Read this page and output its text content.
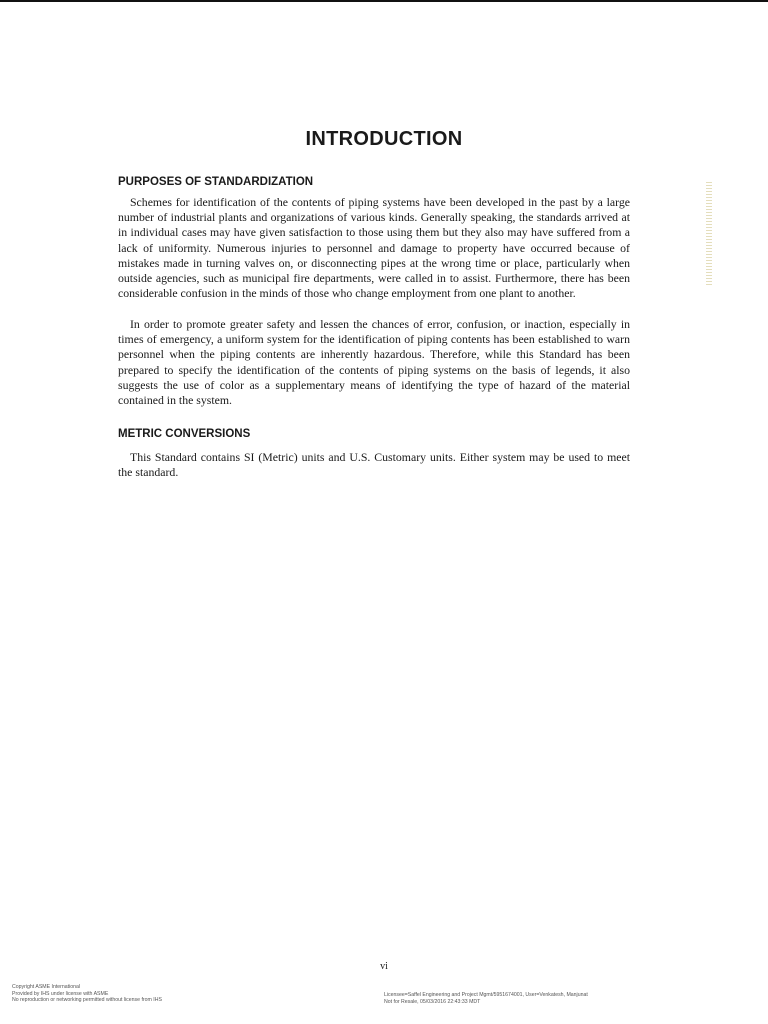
INTRODUCTION
PURPOSES OF STANDARDIZATION

Schemes for identification of the contents of piping systems have been developed in the past by a large number of industrial plants and organizations of various kinds. Generally speaking, the standards arrived at in individual cases may have given satisfaction to those using them but they also may have suffered from a lack of uniformity. Numerous injuries to personnel and damage to property have occurred because of mistakes made in turning valves on, or disconnecting pipes at the wrong time or place, particularly when outside agencies, such as municipal fire departments, were called in to assist. Furthermore, there has been considerable confusion in the minds of those who change employment from one plant to another.

In order to promote greater safety and lessen the chances of error, confusion, or inaction, especially in times of emergency, a uniform system for the identification of piping contents has been established to warn personnel when the piping contents are inherently hazardous. Therefore, while this Standard has been prepared to specify the identification of the contents of piping systems on the basis of legends, it also suggests the use of color as a supplementary means of identifying the type of hazard of the material contained in the system.

METRIC CONVERSIONS

This Standard contains SI (Metric) units and U.S. Customary units. Either system may be used to meet the standard.

vi
Copyright ASME International
Provided by IHS under license with ASME
No reproduction or networking permitted without license from IHS
Licensee=Saffel Engineering and Project Mgmt/5951674001, User=Venkatesh, Manjunat
Not for Resale, 05/03/2016 22:43:33 MDT
